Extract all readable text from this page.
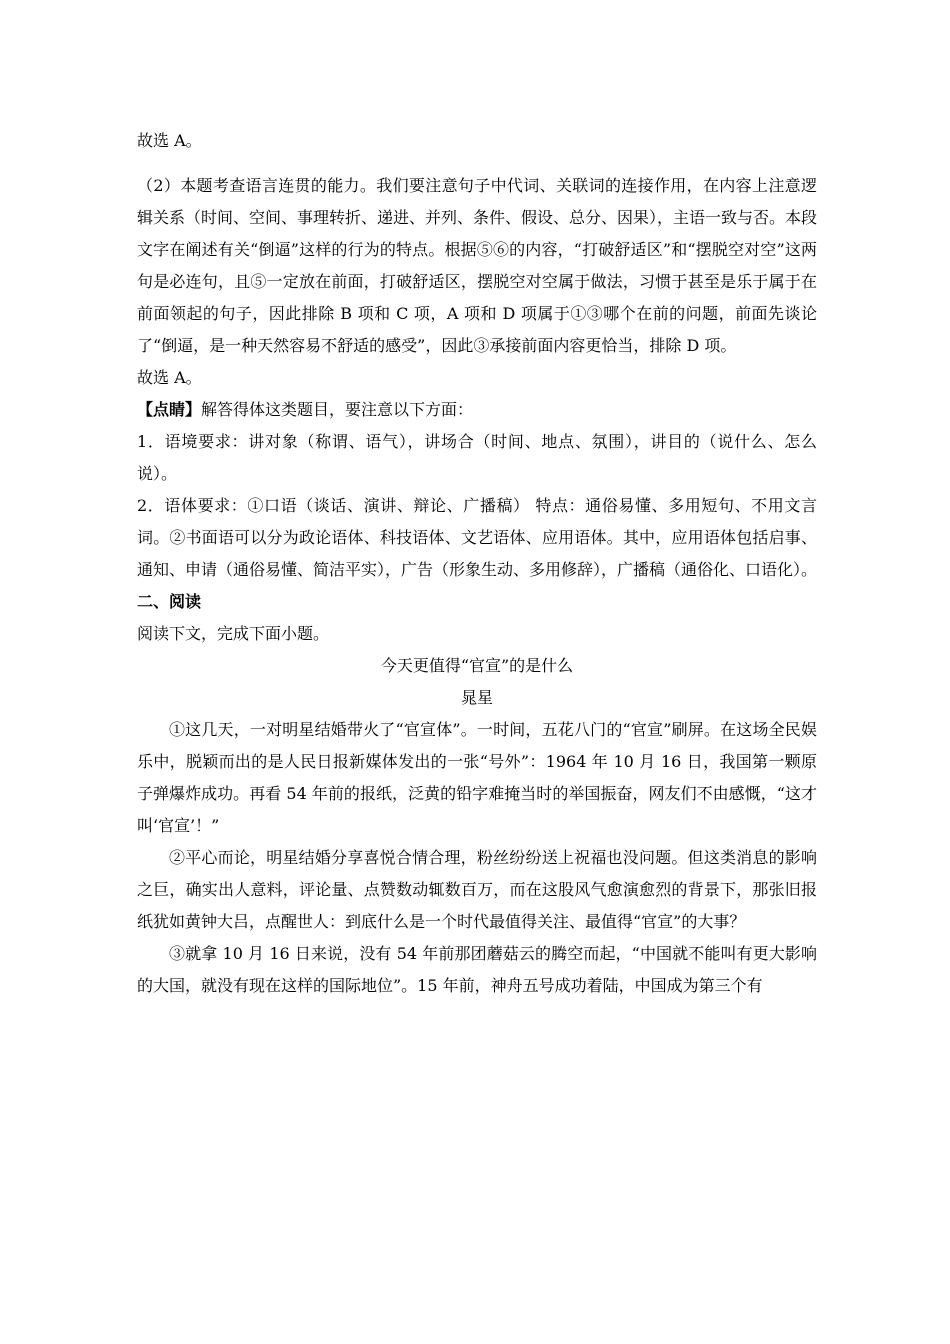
故选 A。

（2）本题考查语言连贯的能力。我们要注意句子中代词、关联词的连接作用，在内容上注意逻辑关系（时间、空间、事理转折、递进、并列、条件、假设、总分、因果），主语一致与否。本段文字在阐述有关“倒逼”这样的行为的特点。根据⑤⑥的内容，“打破舒适区”和“摆脱空对空”这两句是必连句，且⑤一定放在前面，打破舒适区，摆脱空对空属于做法，习惯于甚至是乐于属于在前面领起的句子，因此排除 B 项和 C 项，A 项和 D 项属于①③哪个在前的问题，前面先谈论了“倒逼，是一种天然容易不舒适的感受”，因此③承接前面内容更恰当，排除 D 项。

故选 A。

【点睛】解答得体这类题目，要注意以下方面：

1．语境要求：讲对象（称谓、语气），讲场合（时间、地点、氛围），讲目的（说什么、怎么说）。

2．语体要求：①口语（谈话、演讲、辩论、广播稿） 特点：通俗易懂、多用短句、不用文言词。②书面语可以分为政论语体、科技语体、文艺语体、应用语体。其中，应用语体包括启事、通知、申请（通俗易懂、简洁平实），广告（形象生动、多用修辞），广播稿（通俗化、口语化）。

二、阅读

阅读下文，完成下面小题。

今天更值得“官宣”的是什么

晁星

①这几天，一对明星结婚带火了“官宣体”。一时间，五花八门的“官宣”刷屏。在这场全民娱乐中，脱颖而出的是人民日报新媒体发出的一张“号外”：1964 年 10 月 16 日，我国第一颗原子弹爆炸成功。再看 54 年前的报纸，泛黄的铅字难掩当时的举国振奋，网友们不由感慨，“这才叫‘官宣’！”

②平心而论，明星结婚分享喜悦合情合理，粉丝纷纷送上祝福也没问题。但这类消息的影响之巨，确实出人意料，评论量、点赞数动辄数百万，而在这股风气愈演愈烈的背景下，那张旧报纸犹如黄钟大吕，点醒世人：到底什么是一个时代最值得关注、最值得“官宣”的大事？

③就拿 10 月 16 日来说，没有 54 年前那团蘑菇云的腾空而起，“中国就不能叫有更大影响的大国，就没有现在这样的国际地位”。15 年前，神舟五号成功着陆，中国成为第三个有
